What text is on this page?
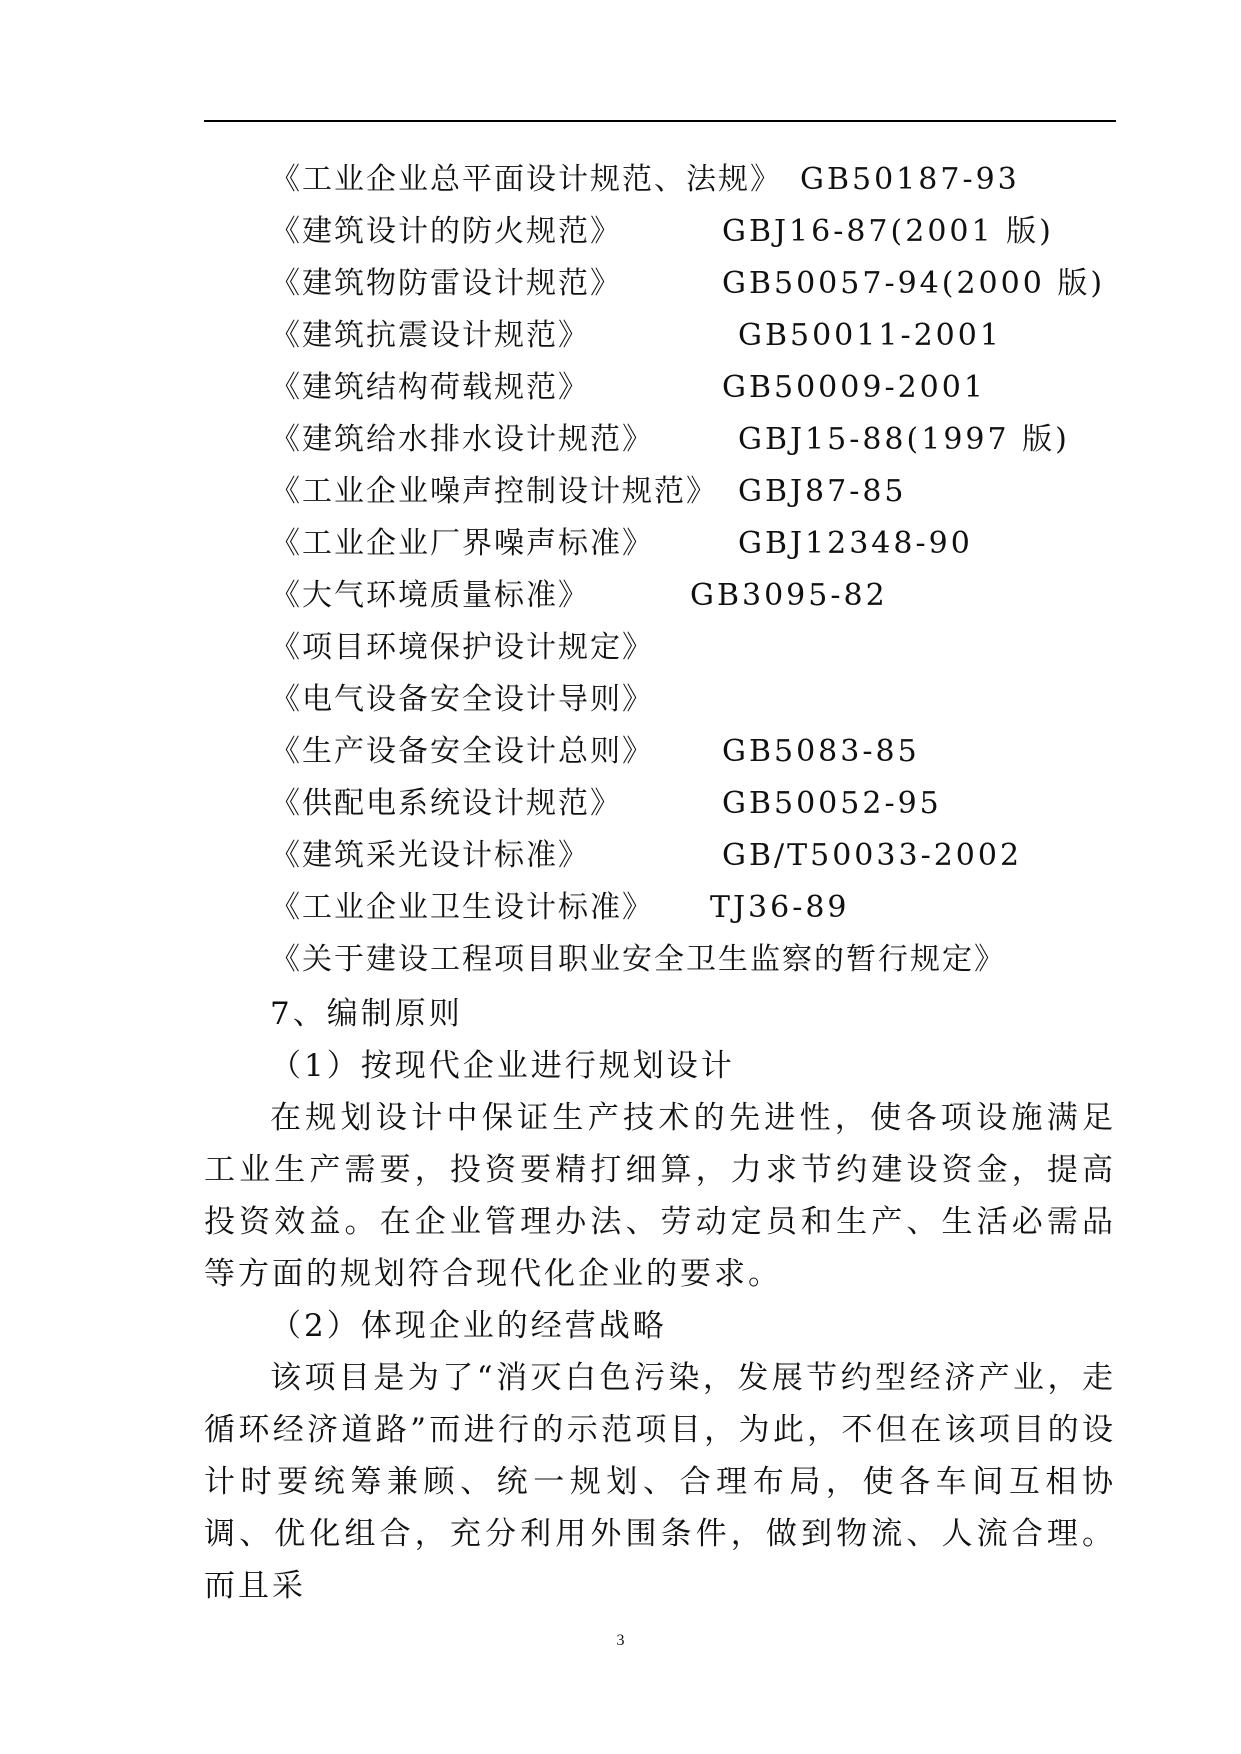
《工业企业总平面设计规范、法规》 GB50187-93
《建筑设计的防火规范》	GBJ16-87(2001 版)
《建筑物防雷设计规范》	GB50057-94(2000 版)
《建筑抗震设计规范》	GB50011-2001
《建筑结构荷载规范》	GB50009-2001
《建筑给水排水设计规范》	GBJ15-88(1997 版)
《工业企业噪声控制设计规范》 GBJ87-85
《工业企业厂界噪声标准》	GBJ12348-90
《大气环境质量标准》	GB3095-82
《项目环境保护设计规定》
《电气设备安全设计导则》
《生产设备安全设计总则》 GB5083-85
《供配电系统设计规范》	GB50052-95
《建筑采光设计标准》	GB/T50033-2002
《工业企业卫生设计标准》 TJ36-89
《关于建设工程项目职业安全卫生监察的暂行规定》
7、编制原则
（1）按现代企业进行规划设计

在规划设计中保证生产技术的先进性，使各项设施满足工业生产需要，投资要精打细算，力求节约建设资金，提高投资效益。在企业管理办法、劳动定员和生产、生活必需品等方面的规划符合现代化企业的要求。

（2）体现企业的经营战略

该项目是为了“消灭白色污染，发展节约型经济产业，走循环经济道路”而进行的示范项目，为此，不但在该项目的设计时要统筹兼顾、统一规划、合理布局，使各车间互相协调、优化组合，充分利用外围条件，做到物流、人流合理。而且采

3
